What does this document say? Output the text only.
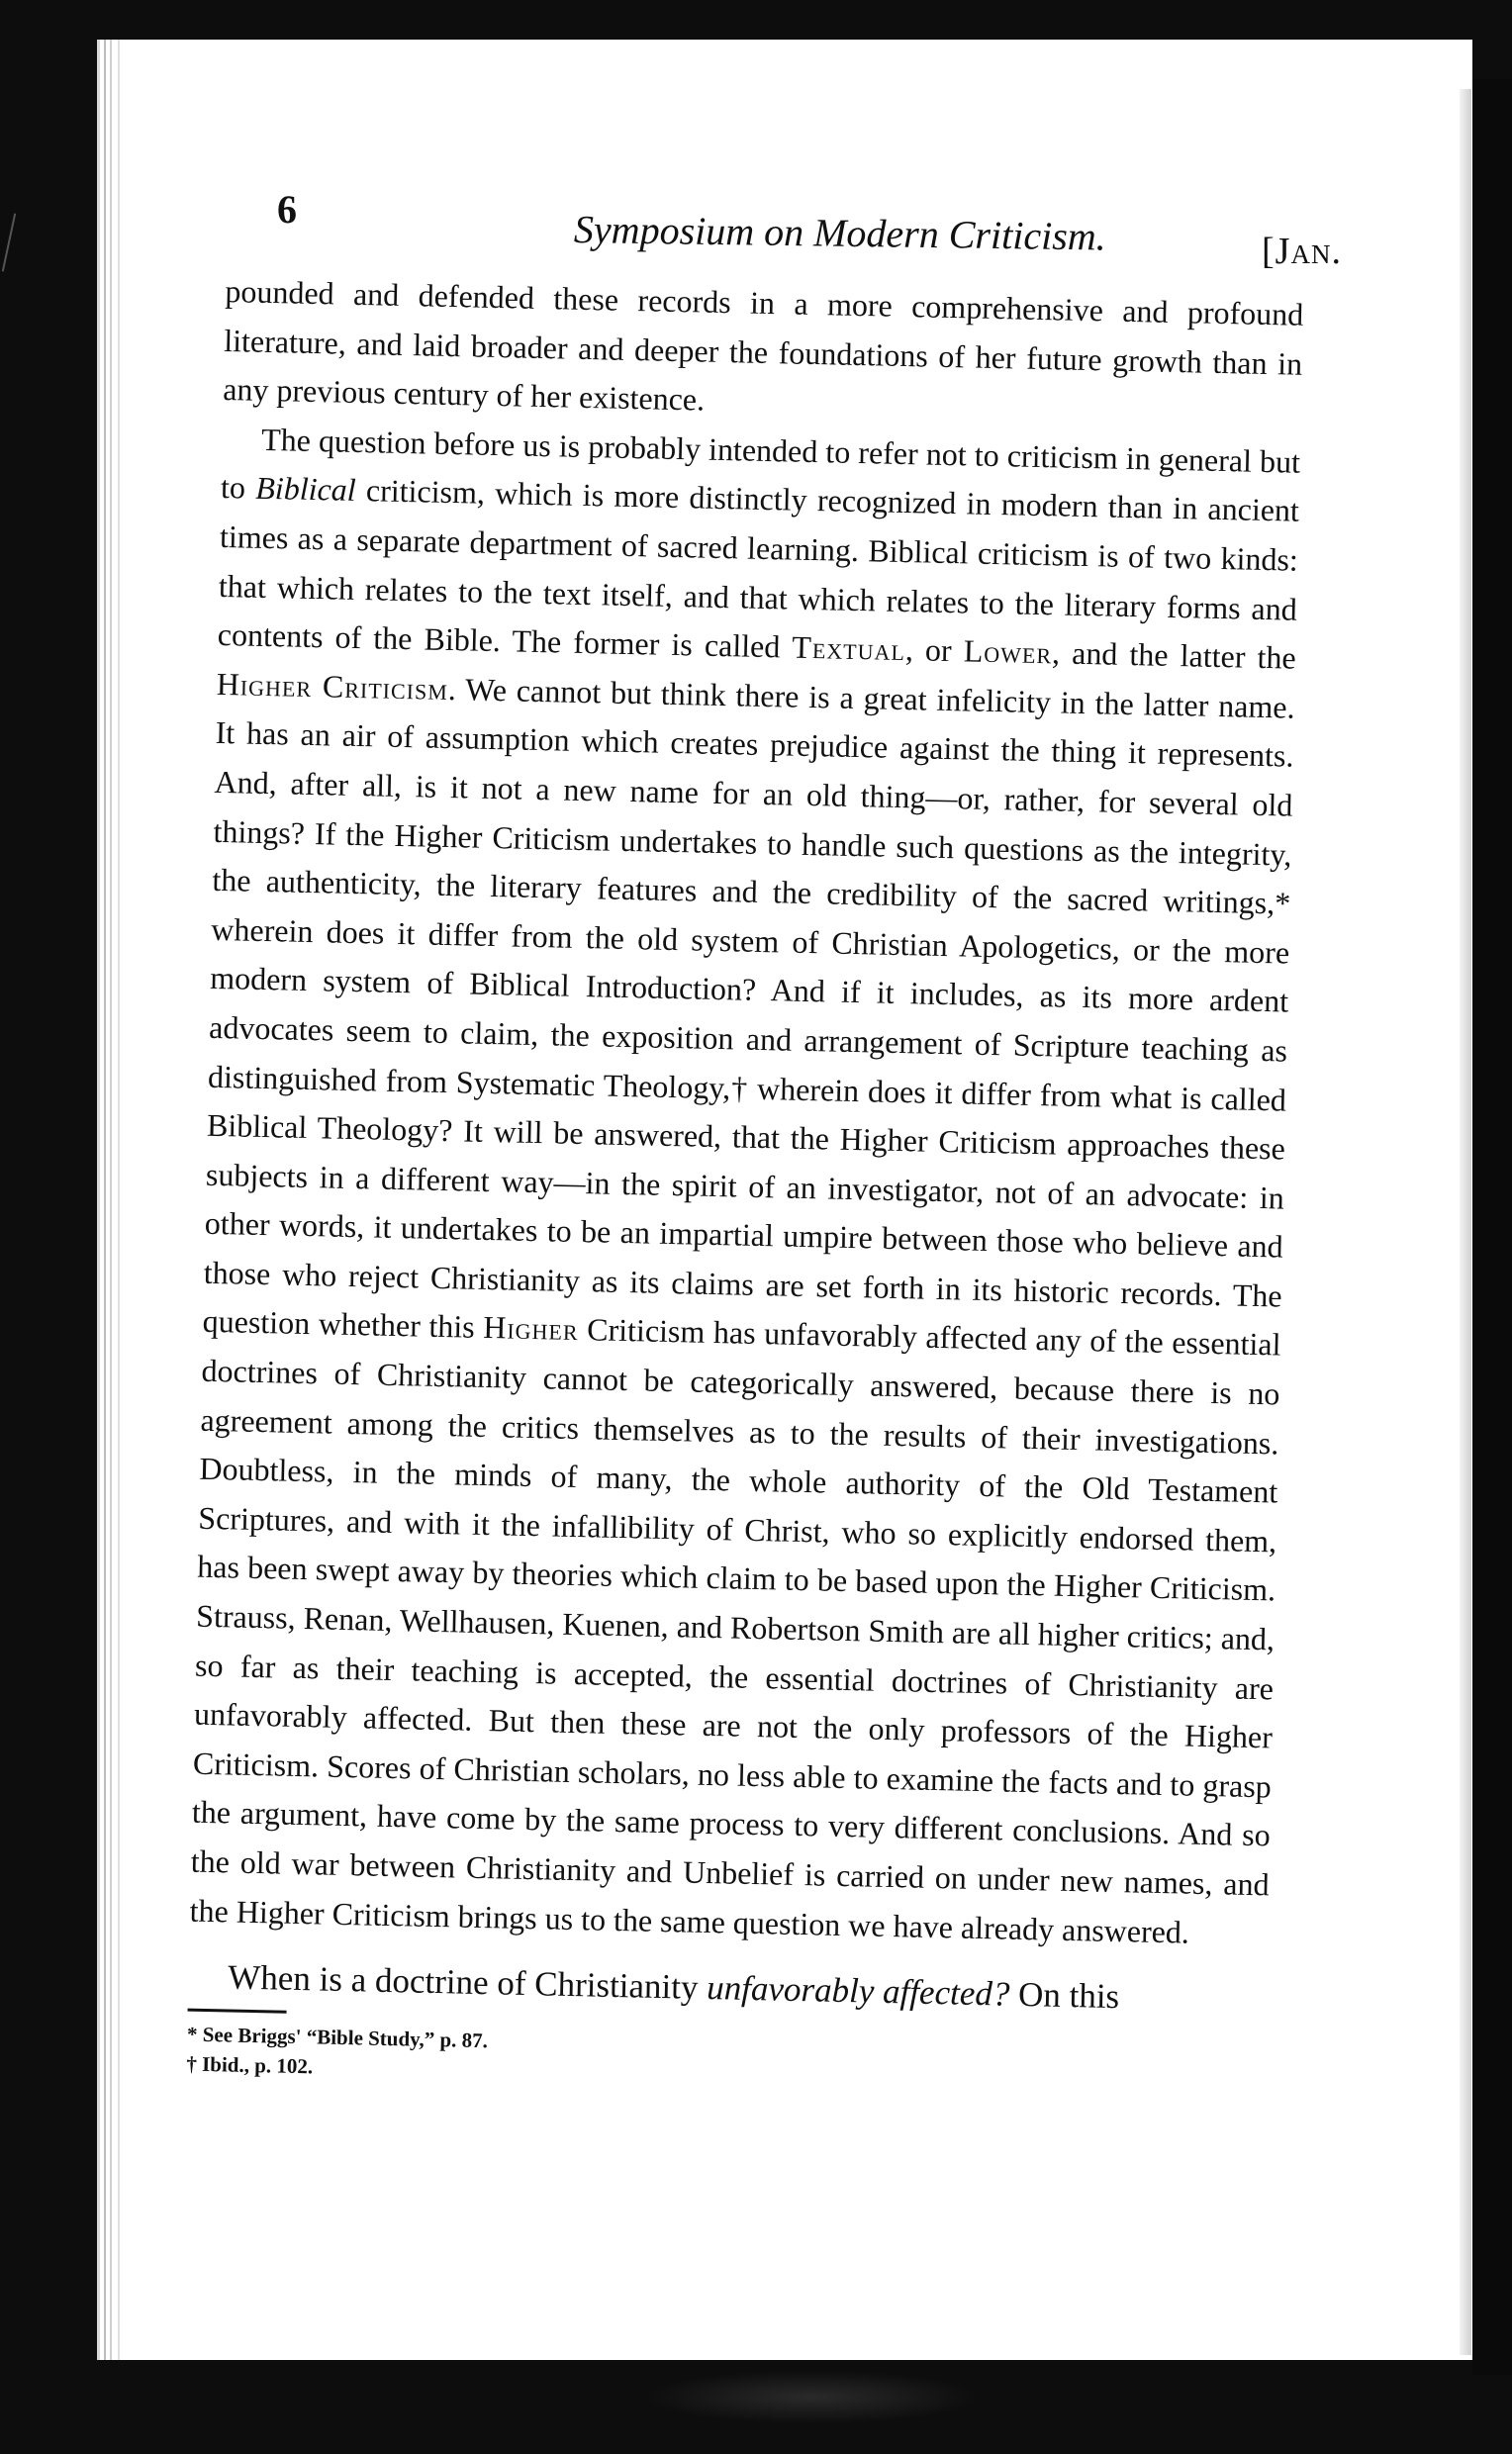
6	Symposium on Modern Criticism.	[Jan.

pounded and defended these records in a more comprehensive and profound literature, and laid broader and deeper the foundations of her future growth than in any previous century of her existence.

The question before us is probably intended to refer not to criticism in general but to Biblical criticism, which is more distinctly recognized in modern than in ancient times as a separate department of sacred learning. Biblical criticism is of two kinds: that which relates to the text itself, and that which relates to the literary forms and contents of the Bible. The former is called Textual, or Lower, and the latter the Higher Criticism. We cannot but think there is a great infelicity in the latter name. It has an air of assumption which creates prejudice against the thing it represents. And, after all, is it not a new name for an old thing—or, rather, for several old things? If the Higher Criticism undertakes to handle such questions as the integrity, the authenticity, the literary features and the credibility of the sacred writings,* wherein does it differ from the old system of Christian Apologetics, or the more modern system of Biblical Introduction? And if it includes, as its more ardent advocates seem to claim, the exposition and arrangement of Scripture teaching as distinguished from Systematic Theology,† wherein does it differ from what is called Biblical Theology? It will be answered, that the Higher Criticism approaches these subjects in a different way—in the spirit of an investigator, not of an advocate: in other words, it undertakes to be an impartial umpire between those who believe and those who reject Christianity as its claims are set forth in its historic records. The question whether this Higher Criticism has unfavorably affected any of the essential doctrines of Christianity cannot be categorically answered, because there is no agreement among the critics themselves as to the results of their investigations. Doubtless, in the minds of many, the whole authority of the Old Testament Scriptures, and with it the infallibility of Christ, who so explicitly endorsed them, has been swept away by theories which claim to be based upon the Higher Criticism. Strauss, Renan, Wellhausen, Kuenen, and Robertson Smith are all higher critics; and, so far as their teaching is accepted, the essential doctrines of Christianity are unfavorably affected. But then these are not the only professors of the Higher Criticism. Scores of Christian scholars, no less able to examine the facts and to grasp the argument, have come by the same process to very different conclusions. And so the old war between Christianity and Unbelief is carried on under new names, and the Higher Criticism brings us to the same question we have already answered.

When is a doctrine of Christianity unfavorably affected? On this

* See Briggs' “Bible Study,” p. 87.

† Ibid., p. 102.
